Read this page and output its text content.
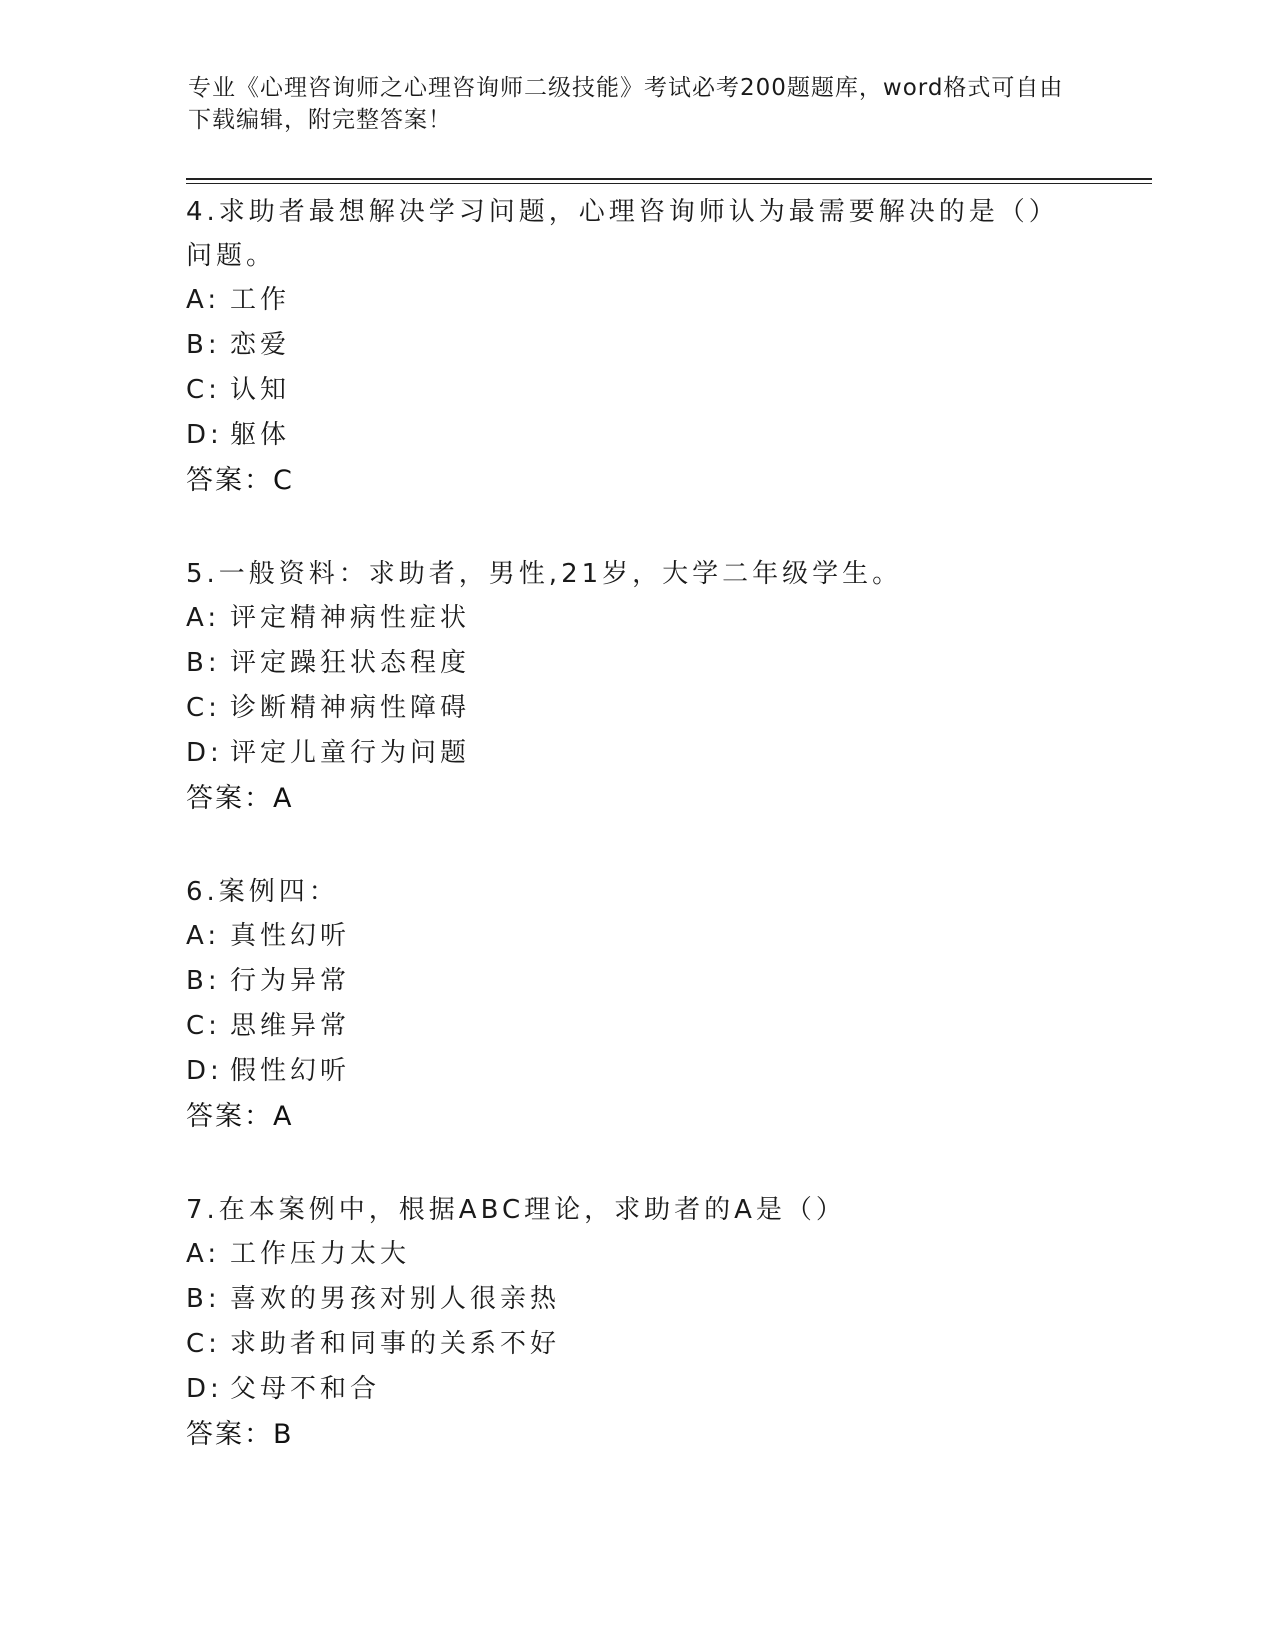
专业《心理咨询师之心理咨询师二级技能》考试必考200题题库，word格式可自由下载编辑，附完整答案！
4.求助者最想解决学习问题，心理咨询师认为最需要解决的是（）问题。
A: 工作
B: 恋爱
C: 认知
D: 躯体
答案：C
5.一般资料：求助者，男性,21岁，大学二年级学生。
A: 评定精神病性症状
B: 评定躁狂状态程度
C: 诊断精神病性障碍
D: 评定儿童行为问题
答案：A
6.案例四：
A: 真性幻听
B: 行为异常
C: 思维异常
D: 假性幻听
答案：A
7.在本案例中，根据ABC理论，求助者的A是（）
A: 工作压力太大
B: 喜欢的男孩对别人很亲热
C: 求助者和同事的关系不好
D: 父母不和合
答案：B
